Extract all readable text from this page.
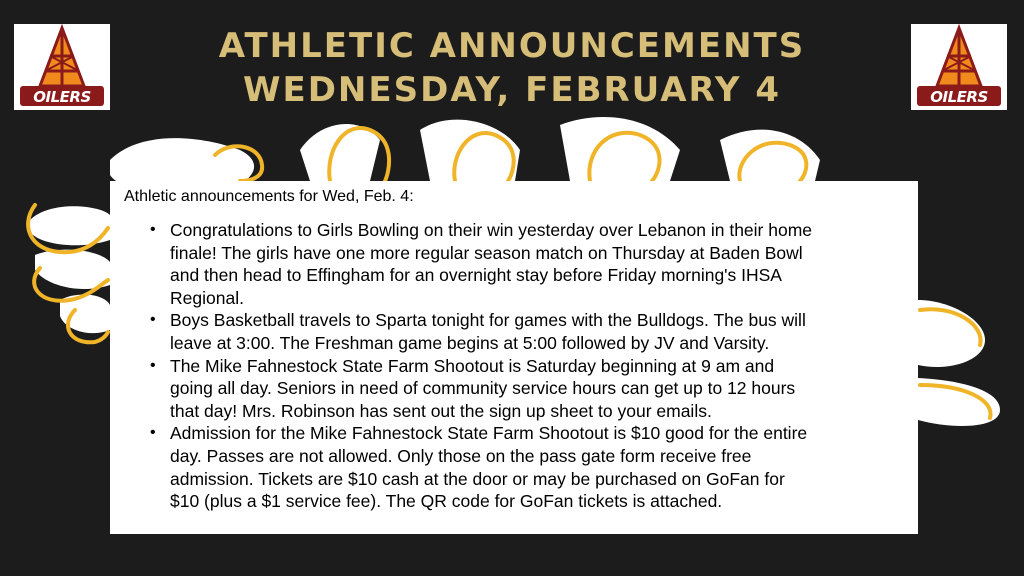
OILERS	OILERS
ATHLETIC ANNOUNCEMENTS
WEDNESDAY, FEBRUARY 4

Athletic announcements for Wed, Feb. 4:

• Congratulations to Girls Bowling on their win yesterday over Lebanon in their home
finale! The girls have one more regular season match on Thursday at Baden Bowl
and then head to Effingham for an overnight stay before Friday morning's IHSA
Regional.
• Boys Basketball travels to Sparta tonight for games with the Bulldogs. The bus will
leave at 3:00. The Freshman game begins at 5:00 followed by JV and Varsity.
• The Mike Fahnestock State Farm Shootout is Saturday beginning at 9 am and
going all day. Seniors in need of community service hours can get up to 12 hours
that day! Mrs. Robinson has sent out the sign up sheet to your emails.
• Admission for the Mike Fahnestock State Farm Shootout is $10 good for the entire
day. Passes are not allowed. Only those on the pass gate form receive free
admission. Tickets are $10 cash at the door or may be purchased on GoFan for
$10 (plus a $1 service fee). The QR code for GoFan tickets is attached.
